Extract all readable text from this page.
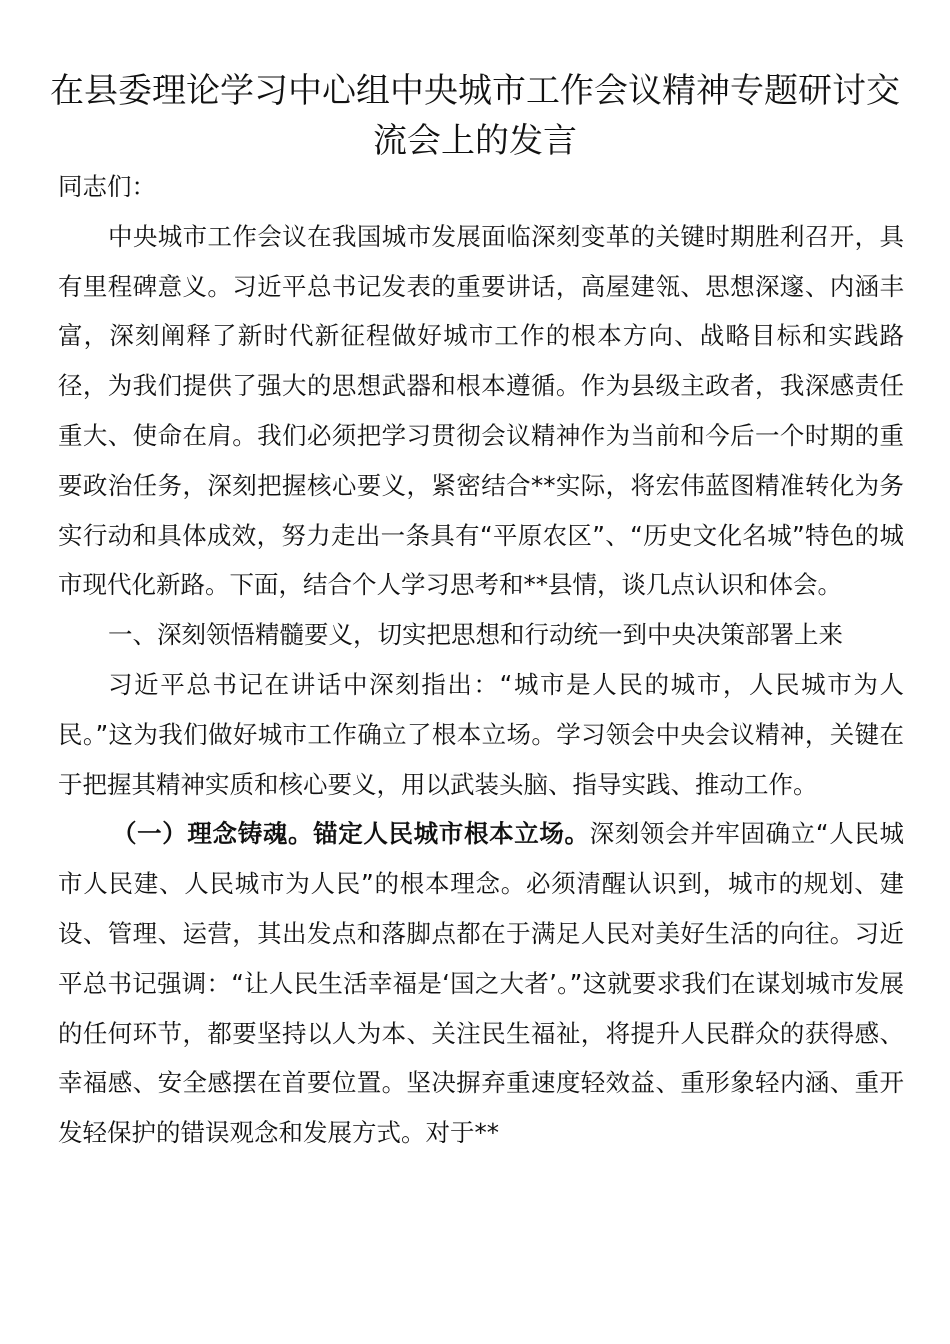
在县委理论学习中心组中央城市工作会议精神专题研讨交流会上的发言

同志们：

中央城市工作会议在我国城市发展面临深刻变革的关键时期胜利召开，具有里程碑意义。习近平总书记发表的重要讲话，高屋建瓴、思想深邃、内涵丰富，深刻阐释了新时代新征程做好城市工作的根本方向、战略目标和实践路径，为我们提供了强大的思想武器和根本遵循。作为县级主政者，我深感责任重大、使命在肩。我们必须把学习贯彻会议精神作为当前和今后一个时期的重要政治任务，深刻把握核心要义，紧密结合**实际，将宏伟蓝图精准转化为务实行动和具体成效，努力走出一条具有“平原农区”、“历史文化名城”特色的城市现代化新路。下面，结合个人学习思考和**县情，谈几点认识和体会。

一、深刻领悟精髓要义，切实把思想和行动统一到中央决策部署上来

习近平总书记在讲话中深刻指出：“城市是人民的城市，人民城市为人民。”这为我们做好城市工作确立了根本立场。学习领会中央会议精神，关键在于把握其精神实质和核心要义，用以武装头脑、指导实践、推动工作。

（一）理念铸魂。锚定人民城市根本立场。深刻领会并牢固确立“人民城市人民建、人民城市为人民”的根本理念。必须清醒认识到，城市的规划、建设、管理、运营，其出发点和落脚点都在于满足人民对美好生活的向往。习近平总书记强调：“让人民生活幸福是‘国之大者’。”这就要求我们在谋划城市发展的任何环节，都要坚持以人为本、关注民生福祉，将提升人民群众的获得感、幸福感、安全感摆在首要位置。坚决摒弃重速度轻效益、重形象轻内涵、重开发轻保护的错误观念和发展方式。对于**
